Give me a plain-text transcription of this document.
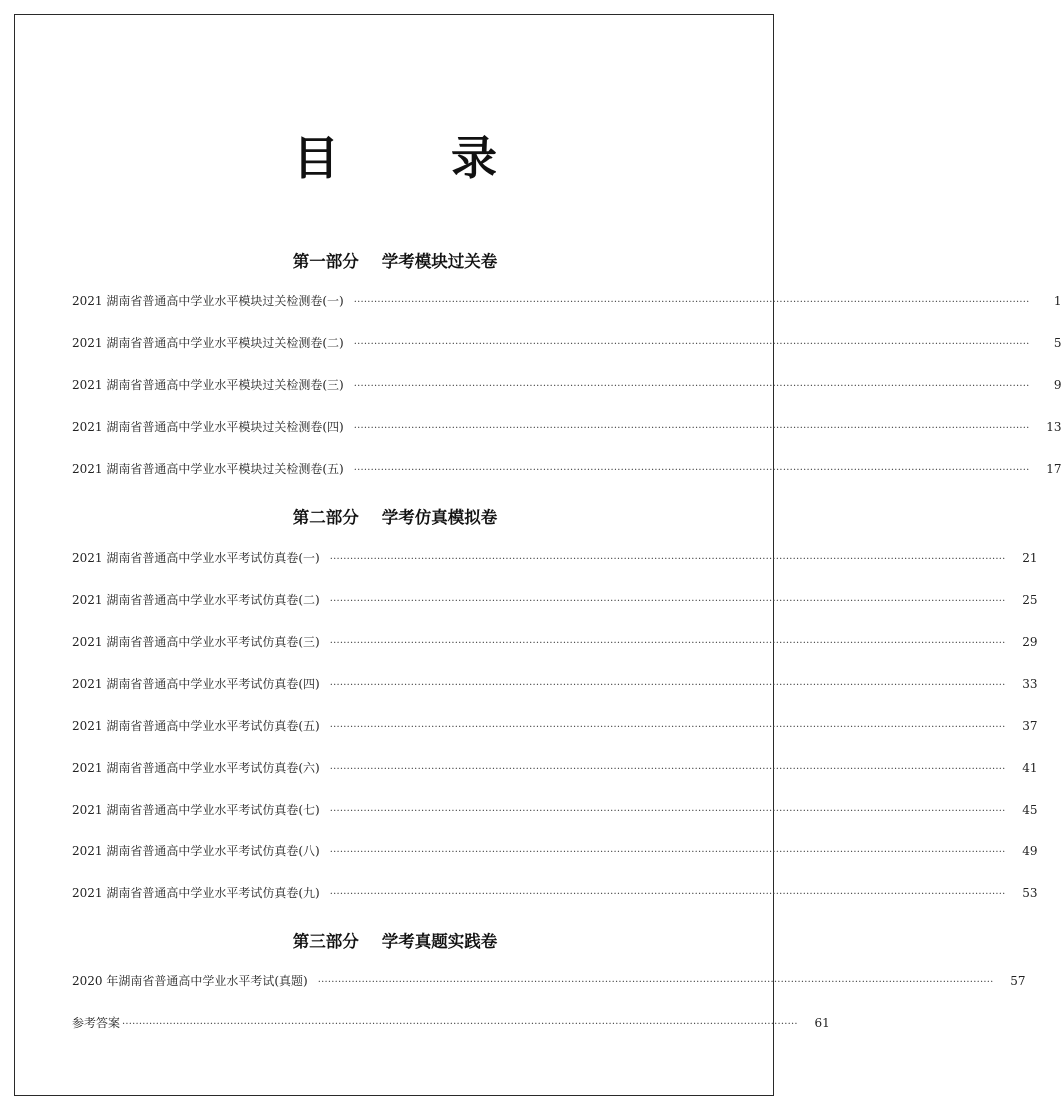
目 录
第一部分    学考模块过关卷
2021 湖南省普通高中学业水平模块过关检测卷(一) ········································································································································································································	1
2021 湖南省普通高中学业水平模块过关检测卷(二) ········································································································································································································	5
2021 湖南省普通高中学业水平模块过关检测卷(三) ········································································································································································································	9
2021 湖南省普通高中学业水平模块过关检测卷(四) ········································································································································································································	13
2021 湖南省普通高中学业水平模块过关检测卷(五) ········································································································································································································	17
第二部分    学考仿真模拟卷
2021 湖南省普通高中学业水平考试仿真卷(一) ········································································································································································································	21
2021 湖南省普通高中学业水平考试仿真卷(二) ········································································································································································································	25
2021 湖南省普通高中学业水平考试仿真卷(三) ········································································································································································································	29
2021 湖南省普通高中学业水平考试仿真卷(四) ········································································································································································································	33
2021 湖南省普通高中学业水平考试仿真卷(五) ········································································································································································································	37
2021 湖南省普通高中学业水平考试仿真卷(六) ········································································································································································································	41
2021 湖南省普通高中学业水平考试仿真卷(七) ········································································································································································································	45
2021 湖南省普通高中学业水平考试仿真卷(八) ········································································································································································································	49
2021 湖南省普通高中学业水平考试仿真卷(九) ········································································································································································································	53
第三部分    学考真题实践卷
2020 年湖南省普通高中学业水平考试(真题) ········································································································································································································	57
参考答案 ········································································································································································································	61
